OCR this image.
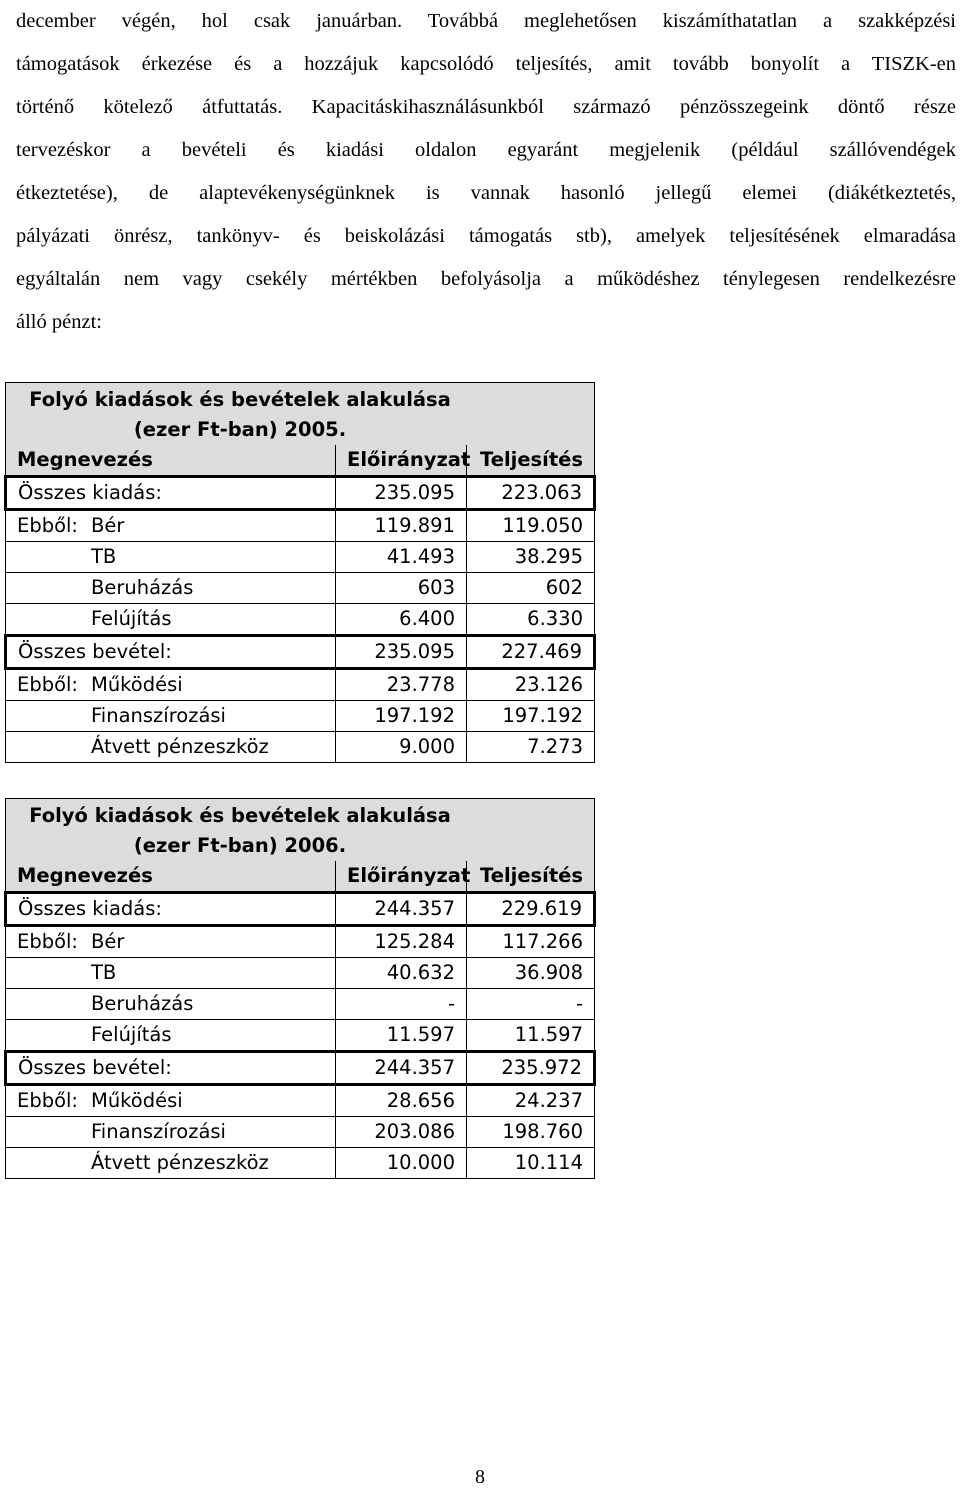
december végén, hol csak januárban. Továbbá meglehetősen kiszámíthatatlan a szakképzési
támogatások érkezése és a hozzájuk kapcsolódó teljesítés, amit tovább bonyolít a TISZK-en
történő kötelező átfuttatás. Kapacitáskihasználásunkból származó pénzösszegeink döntő része
tervezéskor a bevételi és kiadási oldalon egyaránt megjelenik (például szállóvendégek
étkeztetése), de alaptevékenységünknek is vannak hasonló jellegű elemei (diákétkeztetés,
pályázati önrész, tankönyv- és beiskolázási támogatás stb), amelyek teljesítésének elmaradása
egyáltalán nem vagy csekély mértékben befolyásolja a működéshez ténylegesen rendelkezésre
álló pénzt:
Folyó kiadások és bevételek alakulása
(ezer Ft-ban) 2005.		

Megnevezés	Előirányzat	Teljesítés
Összes kiadás:	235.095	223.063
Ebből: Bér	119.891	119.050
TB	41.493	38.295
Beruházás	603	602
Felújítás	6.400	6.330
Összes bevétel:	235.095	227.469
Ebből: Működési	23.778	23.126
Finanszírozási	197.192	197.192
Átvett pénzeszköz	9.000	7.273
Folyó kiadások és bevételek alakulása
(ezer Ft-ban) 2006.		

Megnevezés	Előirányzat	Teljesítés
Összes kiadás:	244.357	229.619
Ebből: Bér	125.284	117.266
TB	40.632	36.908
Beruházás	-	-
Felújítás	11.597	11.597
Összes bevétel:	244.357	235.972
Ebből: Működési	28.656	24.237
Finanszírozási	203.086	198.760
Átvett pénzeszköz	10.000	10.114
8
